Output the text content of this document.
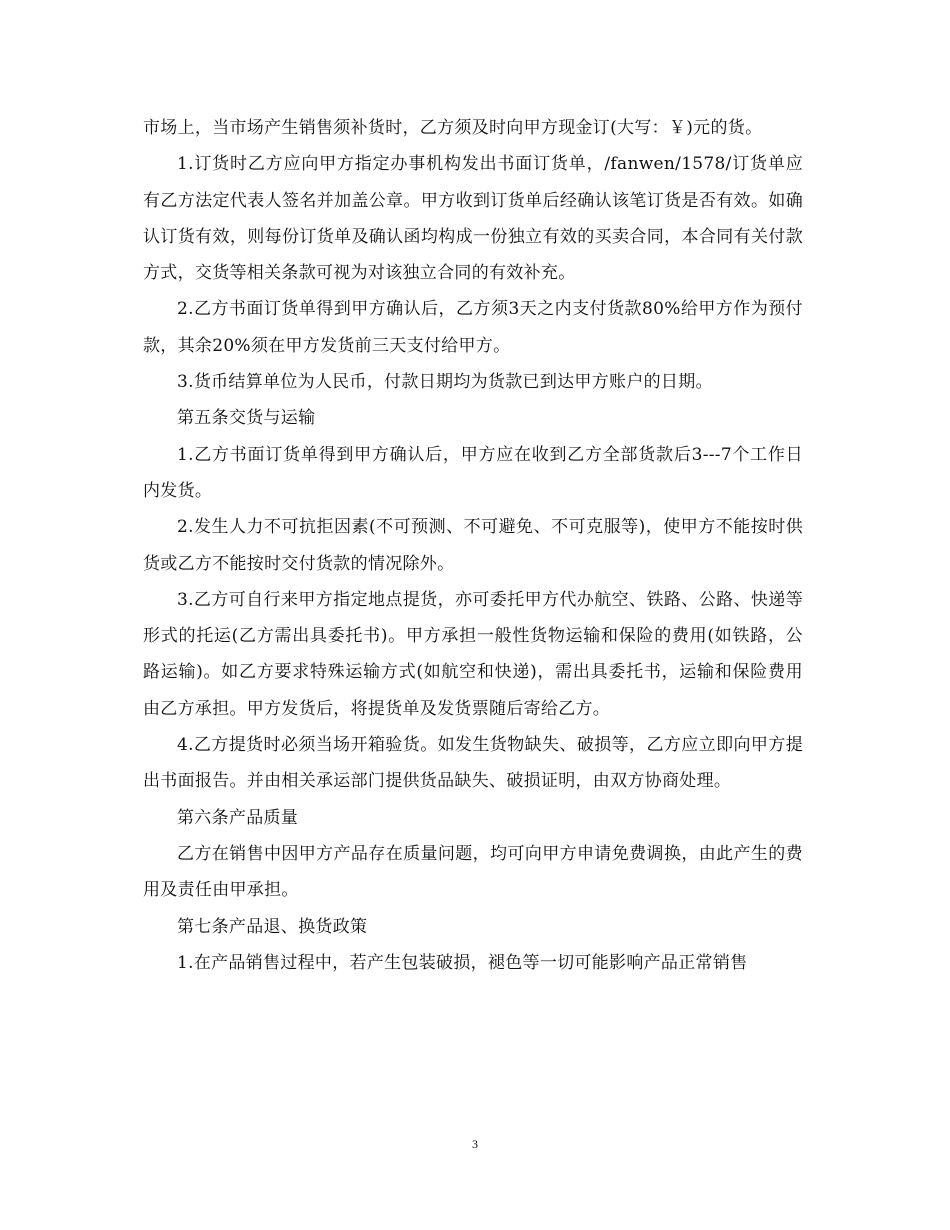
市场上，当市场产生销售须补货时，乙方须及时向甲方现金订(大写：￥)元的货。

1.订货时乙方应向甲方指定办事机构发出书面订货单，/fanwen/1578/订货单应有乙方法定代表人签名并加盖公章。甲方收到订货单后经确认该笔订货是否有效。如确认订货有效，则每份订货单及确认函均构成一份独立有效的买卖合同，本合同有关付款方式，交货等相关条款可视为对该独立合同的有效补充。

2.乙方书面订货单得到甲方确认后，乙方须3天之内支付货款80%给甲方作为预付款，其余20%须在甲方发货前三天支付给甲方。

3.货币结算单位为人民币，付款日期均为货款已到达甲方账户的日期。

第五条交货与运输

1.乙方书面订货单得到甲方确认后，甲方应在收到乙方全部货款后3---7个工作日内发货。

2.发生人力不可抗拒因素(不可预测、不可避免、不可克服等)，使甲方不能按时供货或乙方不能按时交付货款的情况除外。

3.乙方可自行来甲方指定地点提货，亦可委托甲方代办航空、铁路、公路、快递等形式的托运(乙方需出具委托书)。甲方承担一般性货物运输和保险的费用(如铁路，公路运输)。如乙方要求特殊运输方式(如航空和快递)，需出具委托书，运输和保险费用由乙方承担。甲方发货后，将提货单及发货票随后寄给乙方。

4.乙方提货时必须当场开箱验货。如发生货物缺失、破损等，乙方应立即向甲方提出书面报告。并由相关承运部门提供货品缺失、破损证明，由双方协商处理。

第六条产品质量

乙方在销售中因甲方产品存在质量问题，均可向甲方申请免费调换，由此产生的费用及责任由甲承担。

第七条产品退、换货政策

1.在产品销售过程中，若产生包装破损，褪色等一切可能影响产品正常销售

3
